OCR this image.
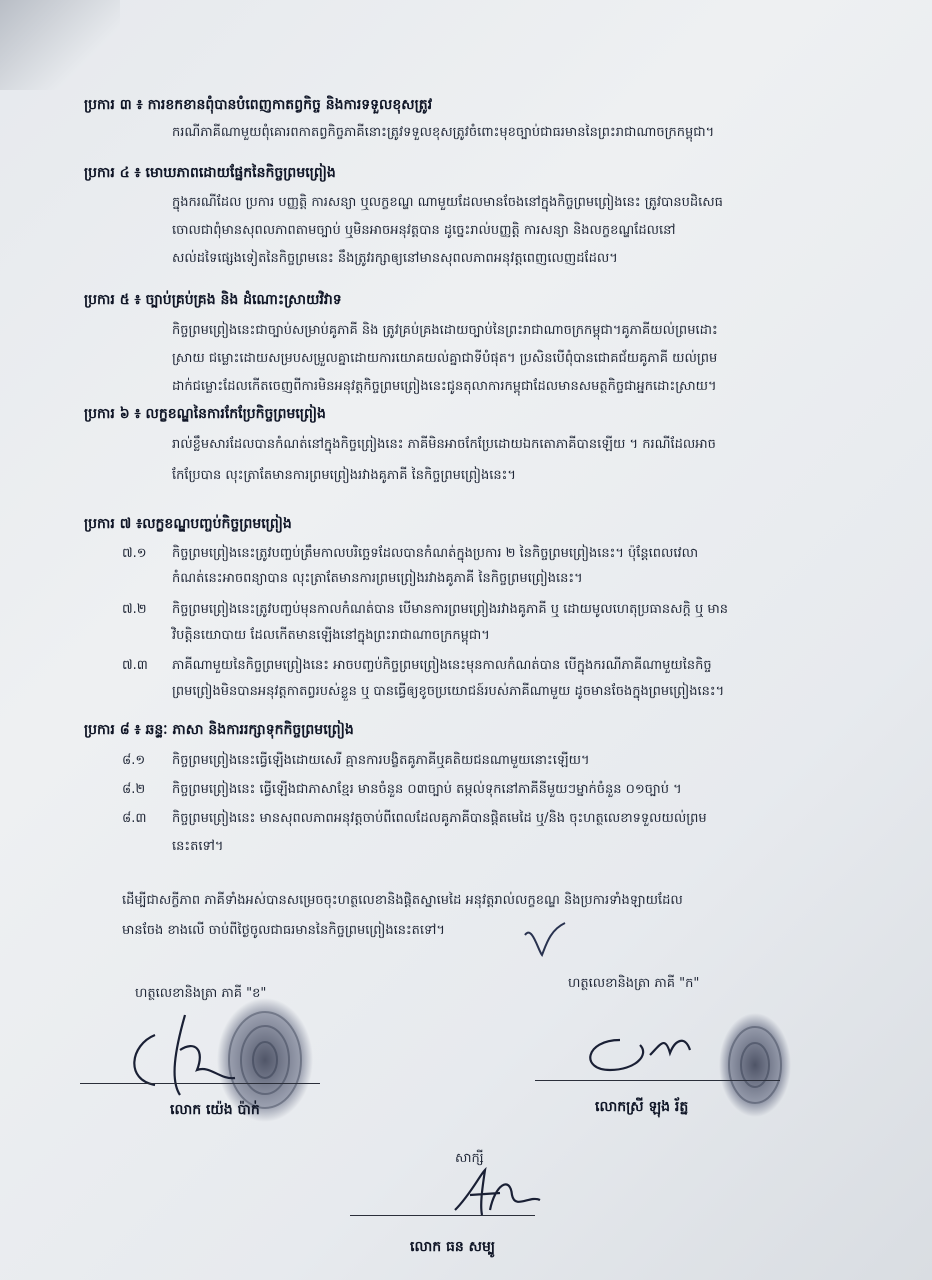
ប្រការ ៣ ៖ ការខកខានពុំបានបំពេញកាតព្វកិច្ច និងការទទួលខុសត្រូវ
ករណីភាគីណាមួយពុំគោរពកាតព្វកិច្ចភាគីនោះត្រូវទទួលខុសត្រូវចំពោះមុខច្បាប់ជាធរមាននៃព្រះរាជាណាចក្រកម្ពុជា។
ប្រការ ៤ ៖ មោឃភាពដោយផ្នែកនៃកិច្ចព្រមព្រៀង
ក្នុងករណីដែល ប្រការ បញ្ញត្តិ ការសន្យា ឬលក្ខខណ្ឌ ណាមួយដែលមានចែងនៅក្នុងកិច្ចព្រមព្រៀងនេះ ត្រូវបានបដិសេធ
ចោលជាពុំមានសុពលភាពតាមច្បាប់ ឬមិនអាចអនុវត្តបាន ដូច្នេះរាល់បញ្ញត្តិ ការសន្យា និងលក្ខខណ្ឌដែលនៅ
សល់ដទៃផ្សេងទៀតនៃកិច្ចព្រមនេះ នឹងត្រូវរក្សាឲ្យនៅមានសុពលភាពអនុវត្តពេញលេញដដែល។
ប្រការ ៥ ៖ ច្បាប់គ្រប់គ្រង និង ដំណោះស្រាយវិវាទ
កិច្ចព្រមព្រៀងនេះជាច្បាប់សម្រាប់គូភាគី និង ត្រូវគ្រប់គ្រងដោយច្បាប់នៃព្រះរាជាណាចក្រកម្ពុជា។គូភាគីយល់ព្រមដោះ
ស្រាយ ជម្លោះដោយសម្របសម្រួលគ្នាដោយការយោគយល់គ្នាជាទីបំផុត។ ប្រសិនបើពុំបានជោគជ័យគូភាគី យល់ព្រម
ដាក់ជម្លោះដែលកើតចេញពីការមិនអនុវត្តកិច្ចព្រមព្រៀងនេះជូនតុលាការកម្ពុជាដែលមានសមត្ថកិច្ចជាអ្នកដោះស្រាយ។
ប្រការ ៦ ៖ លក្ខខណ្ឌនៃការកែប្រែកិច្ចព្រមព្រៀង
រាល់ខ្លឹមសារដែលបានកំណត់នៅក្នុងកិច្ចព្រៀងនេះ ភាគីមិនអាចកែប្រែដោយឯកតោភាគីបានឡើយ ។ ករណីដែលអាច
កែប្រែបាន លុះត្រាតែមានការព្រមព្រៀងរវាងគូភាគី នៃកិច្ចព្រមព្រៀងនេះ។
ប្រការ ៧ ៖លក្ខខណ្ឌបញ្ចប់កិច្ចព្រមព្រៀង
៧.១ កិច្ចព្រមព្រៀងនេះត្រូវបញ្ចប់ត្រឹមកាលបរិច្ឆេទដែលបានកំណត់ក្នុងប្រការ ២ នៃកិច្ចព្រមព្រៀងនេះ។ ប៉ុន្តែពេលវេលា
កំណត់នេះអាចពន្យាបាន លុះត្រាតែមានការព្រមព្រៀងរវាងគូភាគី នៃកិច្ចព្រមព្រៀងនេះ។
៧.២ កិច្ចព្រមព្រៀងនេះត្រូវបញ្ចប់មុនកាលកំណត់បាន បើមានការព្រមព្រៀងរវាងគូភាគី ឬ ដោយមូលហេតុប្រធានសក្តិ ឬ មាន
វិបត្តិនយោបាយ ដែលកើតមានឡើងនៅក្នុងព្រះរាជាណាចក្រកម្ពុជា។
៧.៣ ភាគីណាមួយនៃកិច្ចព្រមព្រៀងនេះ អាចបញ្ចប់កិច្ចព្រមព្រៀងនេះមុនកាលកំណត់បាន បើក្នុងករណីភាគីណាមួយនៃកិច្ច
ព្រមព្រៀងមិនបានអនុវត្តកាតព្វរបស់ខ្លួន ឬ បានធ្វើឲ្យខូចប្រយោជន៍របស់ភាគីណាមួយ ដូចមានចែងក្នុងព្រមព្រៀងនេះ។
ប្រការ ៨ ៖ ឆន្ទៈ ភាសា និងការរក្សាទុកកិច្ចព្រមព្រៀង
៨.១ កិច្ចព្រមព្រៀងនេះធ្វើឡើងដោយសេរី គ្មានការបង្ខិតគូភាគីឬគតិយជនណាមួយនោះឡើយ។
៨.២ កិច្ចព្រមព្រៀងនេះ ធ្វើឡើងជាភាសាខ្មែរ មានចំនួន ០៣ច្បាប់ តម្កល់ទុកនៅភាគីនីមួយៗម្នាក់ចំនួន ០១ច្បាប់ ។
៨.៣ កិច្ចព្រមព្រៀងនេះ មានសុពលភាពអនុវត្តចាប់ពីពេលដែលគូភាគីបានផ្តិតមេដៃ ឬ/និង ចុះហត្ថលេខាទទួលយល់ព្រម
នេះតទៅ។
ដើម្បីជាសក្ខីភាព ភាគីទាំងអស់បានសម្រេចចុះហត្ថលេខានិងផ្តិតស្នាមេដៃ អនុវត្តរាល់លក្ខខណ្ឌ និងប្រការទាំងឡាយដែល
មានចែង ខាងលើ ចាប់ពីថ្ងៃចូលជាធរមាននៃកិច្ចព្រមព្រៀងនេះតទៅ។
ហត្ថលេខានិងត្រា ភាគី "ខ"
លោក យ៉េង ប៉ាក់
ហត្ថលេខានិងត្រា ភាគី "ក"
លោកស្រី ឡុង រ័ត្ន
សាក្សី
លោក ធន សម្បូ
